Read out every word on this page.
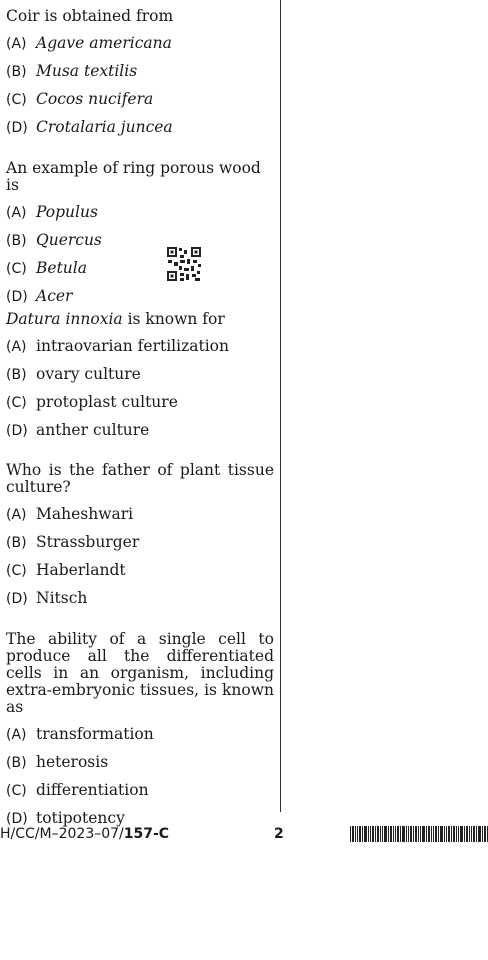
Coir is obtained from
(A) Agave americana
(B) Musa textilis
(C) Cocos nucifera
(D) Crotalaria juncea
An example of ring porous wood is
(A) Populus
(B) Quercus
(C) Betula
(D) Acer
Datura innoxia is known for
(A) intraovarian fertilization
(B) ovary culture
(C) protoplast culture
(D) anther culture
Who is the father of plant tissue culture?
(A) Maheshwari
(B) Strassburger
(C) Haberlandt
(D) Nitsch
The ability of a single cell to produce all the differentiated cells in an organism, including extra-embryonic tissues, is known as
(A) transformation
(B) heterosis
(C) differentiation
(D) totipotency
H/CC/M–2023–07/157-C	2
